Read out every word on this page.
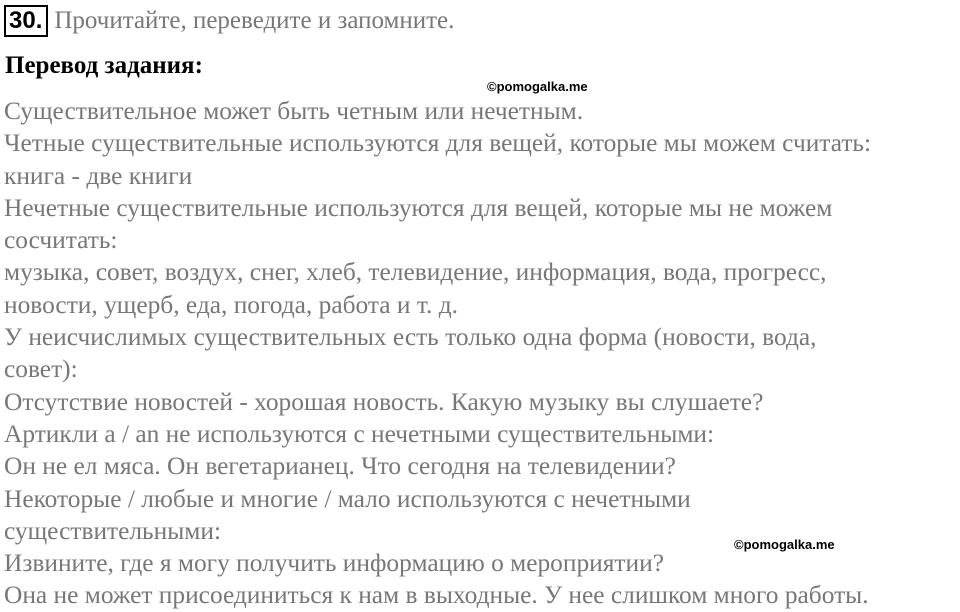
30. Прочитайте, переведите и запомните.
Перевод задания:
©pomogalka.me
©pomogalka.me
Существительное может быть четным или нечетным.
Четные существительные используются для вещей, которые мы можем считать:
книга - две книги
Нечетные существительные используются для вещей, которые мы не можем
сосчитать:
музыка, совет, воздух, снег, хлеб, телевидение, информация, вода, прогресс,
новости, ущерб, еда, погода, работа и т. д.
У неисчислимых существительных есть только одна форма (новости, вода,
совет):
Отсутствие новостей - хорошая новость. Какую музыку вы слушаете?
Артикли a / an не используются с нечетными существительными:
Он не ел мяса. Он вегетарианец. Что сегодня на телевидении?
Некоторые / любые и многие / мало используются с нечетными
существительными:
Извините, где я могу получить информацию о мероприятии?
Она не может присоединиться к нам в выходные. У нее слишком много работы.
